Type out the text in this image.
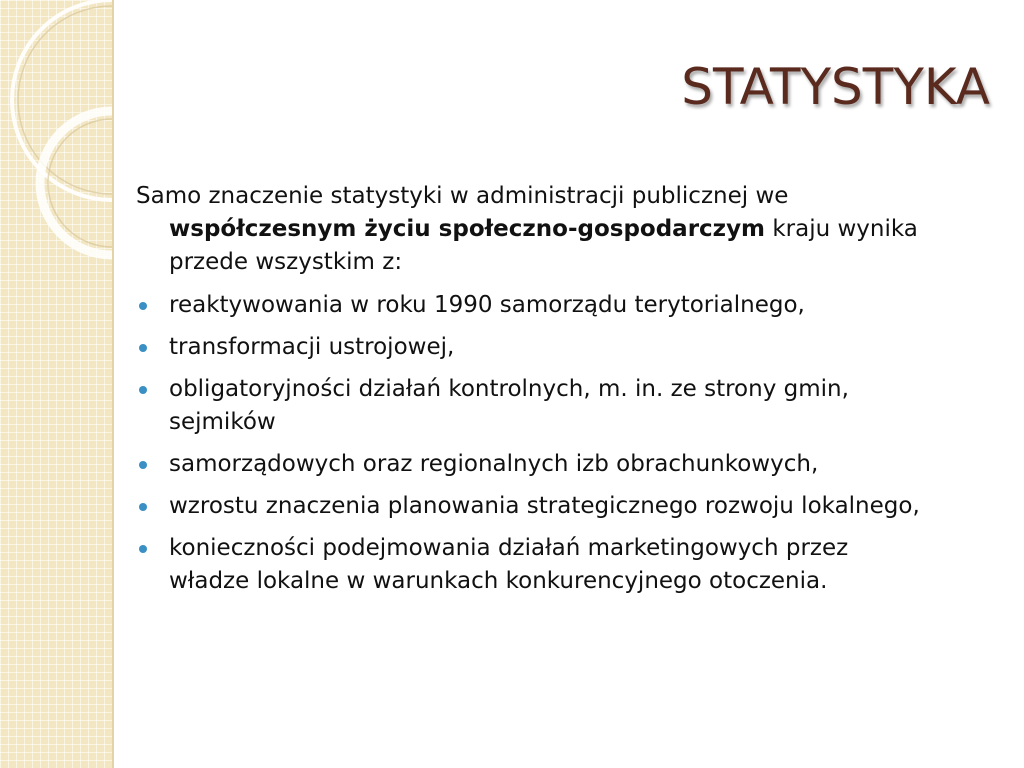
STATYSTYKA

Samo znaczenie statystyki w administracji publicznej we współczesnym życiu społeczno-gospodarczym kraju wynika przede wszystkim z:

reaktywowania w roku 1990 samorządu terytorialnego,
transformacji ustrojowej,
obligatoryjności działań kontrolnych, m. in. ze strony gmin, sejmików
samorządowych oraz regionalnych izb obrachunkowych,
wzrostu znaczenia planowania strategicznego rozwoju lokalnego,
konieczności podejmowania działań marketingowych przez władze lokalne w warunkach konkurencyjnego otoczenia.
